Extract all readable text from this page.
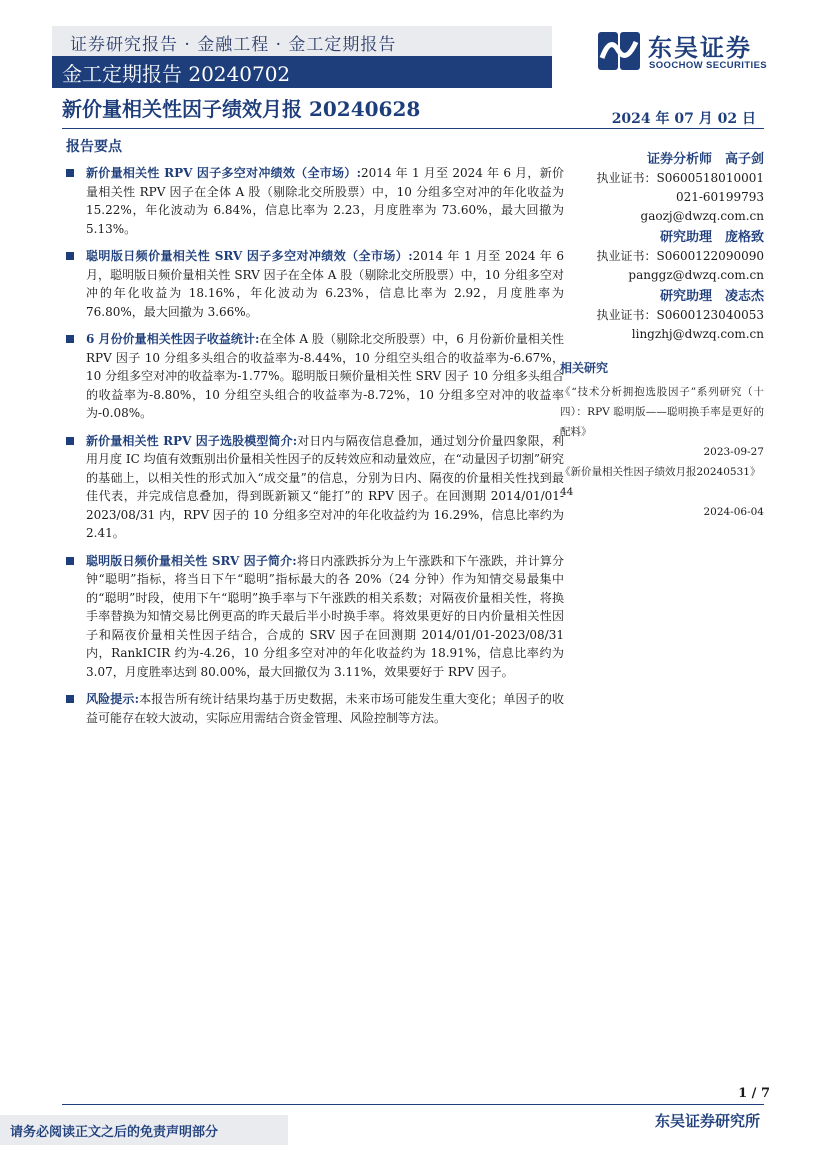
证券研究报告 · 金融工程 · 金工定期报告
金工定期报告 20240702
东吴证券
SOOCHOW SECURITIES
新价量相关性因子绩效月报 20240628	2024 年 07 月 02 日
报告要点
新价量相关性 RPV 因子多空对冲绩效（全市场）:2014 年 1 月至 2024 年 6 月，新价量相关性 RPV 因子在全体 A 股（剔除北交所股票）中，10 分组多空对冲的年化收益为 15.22%，年化波动为 6.84%，信息比率为 2.23，月度胜率为 73.60%，最大回撤为 5.13%。
聪明版日频价量相关性 SRV 因子多空对冲绩效（全市场）:2014 年 1 月至 2024 年 6 月，聪明版日频价量相关性 SRV 因子在全体 A 股（剔除北交所股票）中，10 分组多空对冲的年化收益为 18.16%，年化波动为 6.23%，信息比率为 2.92，月度胜率为 76.80%，最大回撤为 3.66%。
6 月份价量相关性因子收益统计:在全体 A 股（剔除北交所股票）中，6 月份新价量相关性 RPV 因子 10 分组多头组合的收益率为-8.44%，10 分组空头组合的收益率为-6.67%，10 分组多空对冲的收益率为-1.77%。聪明版日频价量相关性 SRV 因子 10 分组多头组合的收益率为-8.80%，10 分组空头组合的收益率为-8.72%，10 分组多空对冲的收益率为-0.08%。
新价量相关性 RPV 因子选股模型简介:对日内与隔夜信息叠加，通过划分价量四象限，利用月度 IC 均值有效甄别出价量相关性因子的反转效应和动量效应，在“动量因子切割”研究的基础上，以相关性的形式加入“成交量”的信息，分别为日内、隔夜的价量相关性找到最佳代表，并完成信息叠加，得到既新颖又“能打”的 RPV 因子。在回测期 2014/01/01-2023/08/31 内，RPV 因子的 10 分组多空对冲的年化收益约为 16.29%，信息比率约为 2.41。
聪明版日频价量相关性 SRV 因子简介:将日内涨跌拆分为上午涨跌和下午涨跌，并计算分钟“聪明”指标，将当日下午“聪明”指标最大的各 20%（24 分钟）作为知情交易最集中的“聪明”时段，使用下午“聪明”换手率与下午涨跌的相关系数；对隔夜价量相关性，将换手率替换为知情交易比例更高的昨天最后半小时换手率。将效果更好的日内价量相关性因子和隔夜价量相关性因子结合，合成的 SRV 因子在回测期 2014/01/01-2023/08/31 内，RankICIR 约为-4.26，10 分组多空对冲的年化收益约为 18.91%，信息比率约为 3.07，月度胜率达到 80.00%，最大回撤仅为 3.11%，效果要好于 RPV 因子。
风险提示:本报告所有统计结果均基于历史数据，未来市场可能发生重大变化；单因子的收益可能存在较大波动，实际应用需结合资金管理、风险控制等方法。
证券分析师　高子剑
执业证书：S0600518010001
021-60199793
gaozj@dwzq.com.cn
研究助理　庞格致
执业证书：S0600122090090
panggz@dwzq.com.cn
研究助理　凌志杰
执业证书：S0600123040053
lingzhj@dwzq.com.cn
相关研究
《“技术分析拥抱选股因子”系列研究（十四）：RPV 聪明版——聪明换手率是更好的配料》
2023-09-27
《新价量相关性因子绩效月报20240531》
44
2024-06-04
1 / 7
请务必阅读正文之后的免责声明部分
东吴证券研究所
